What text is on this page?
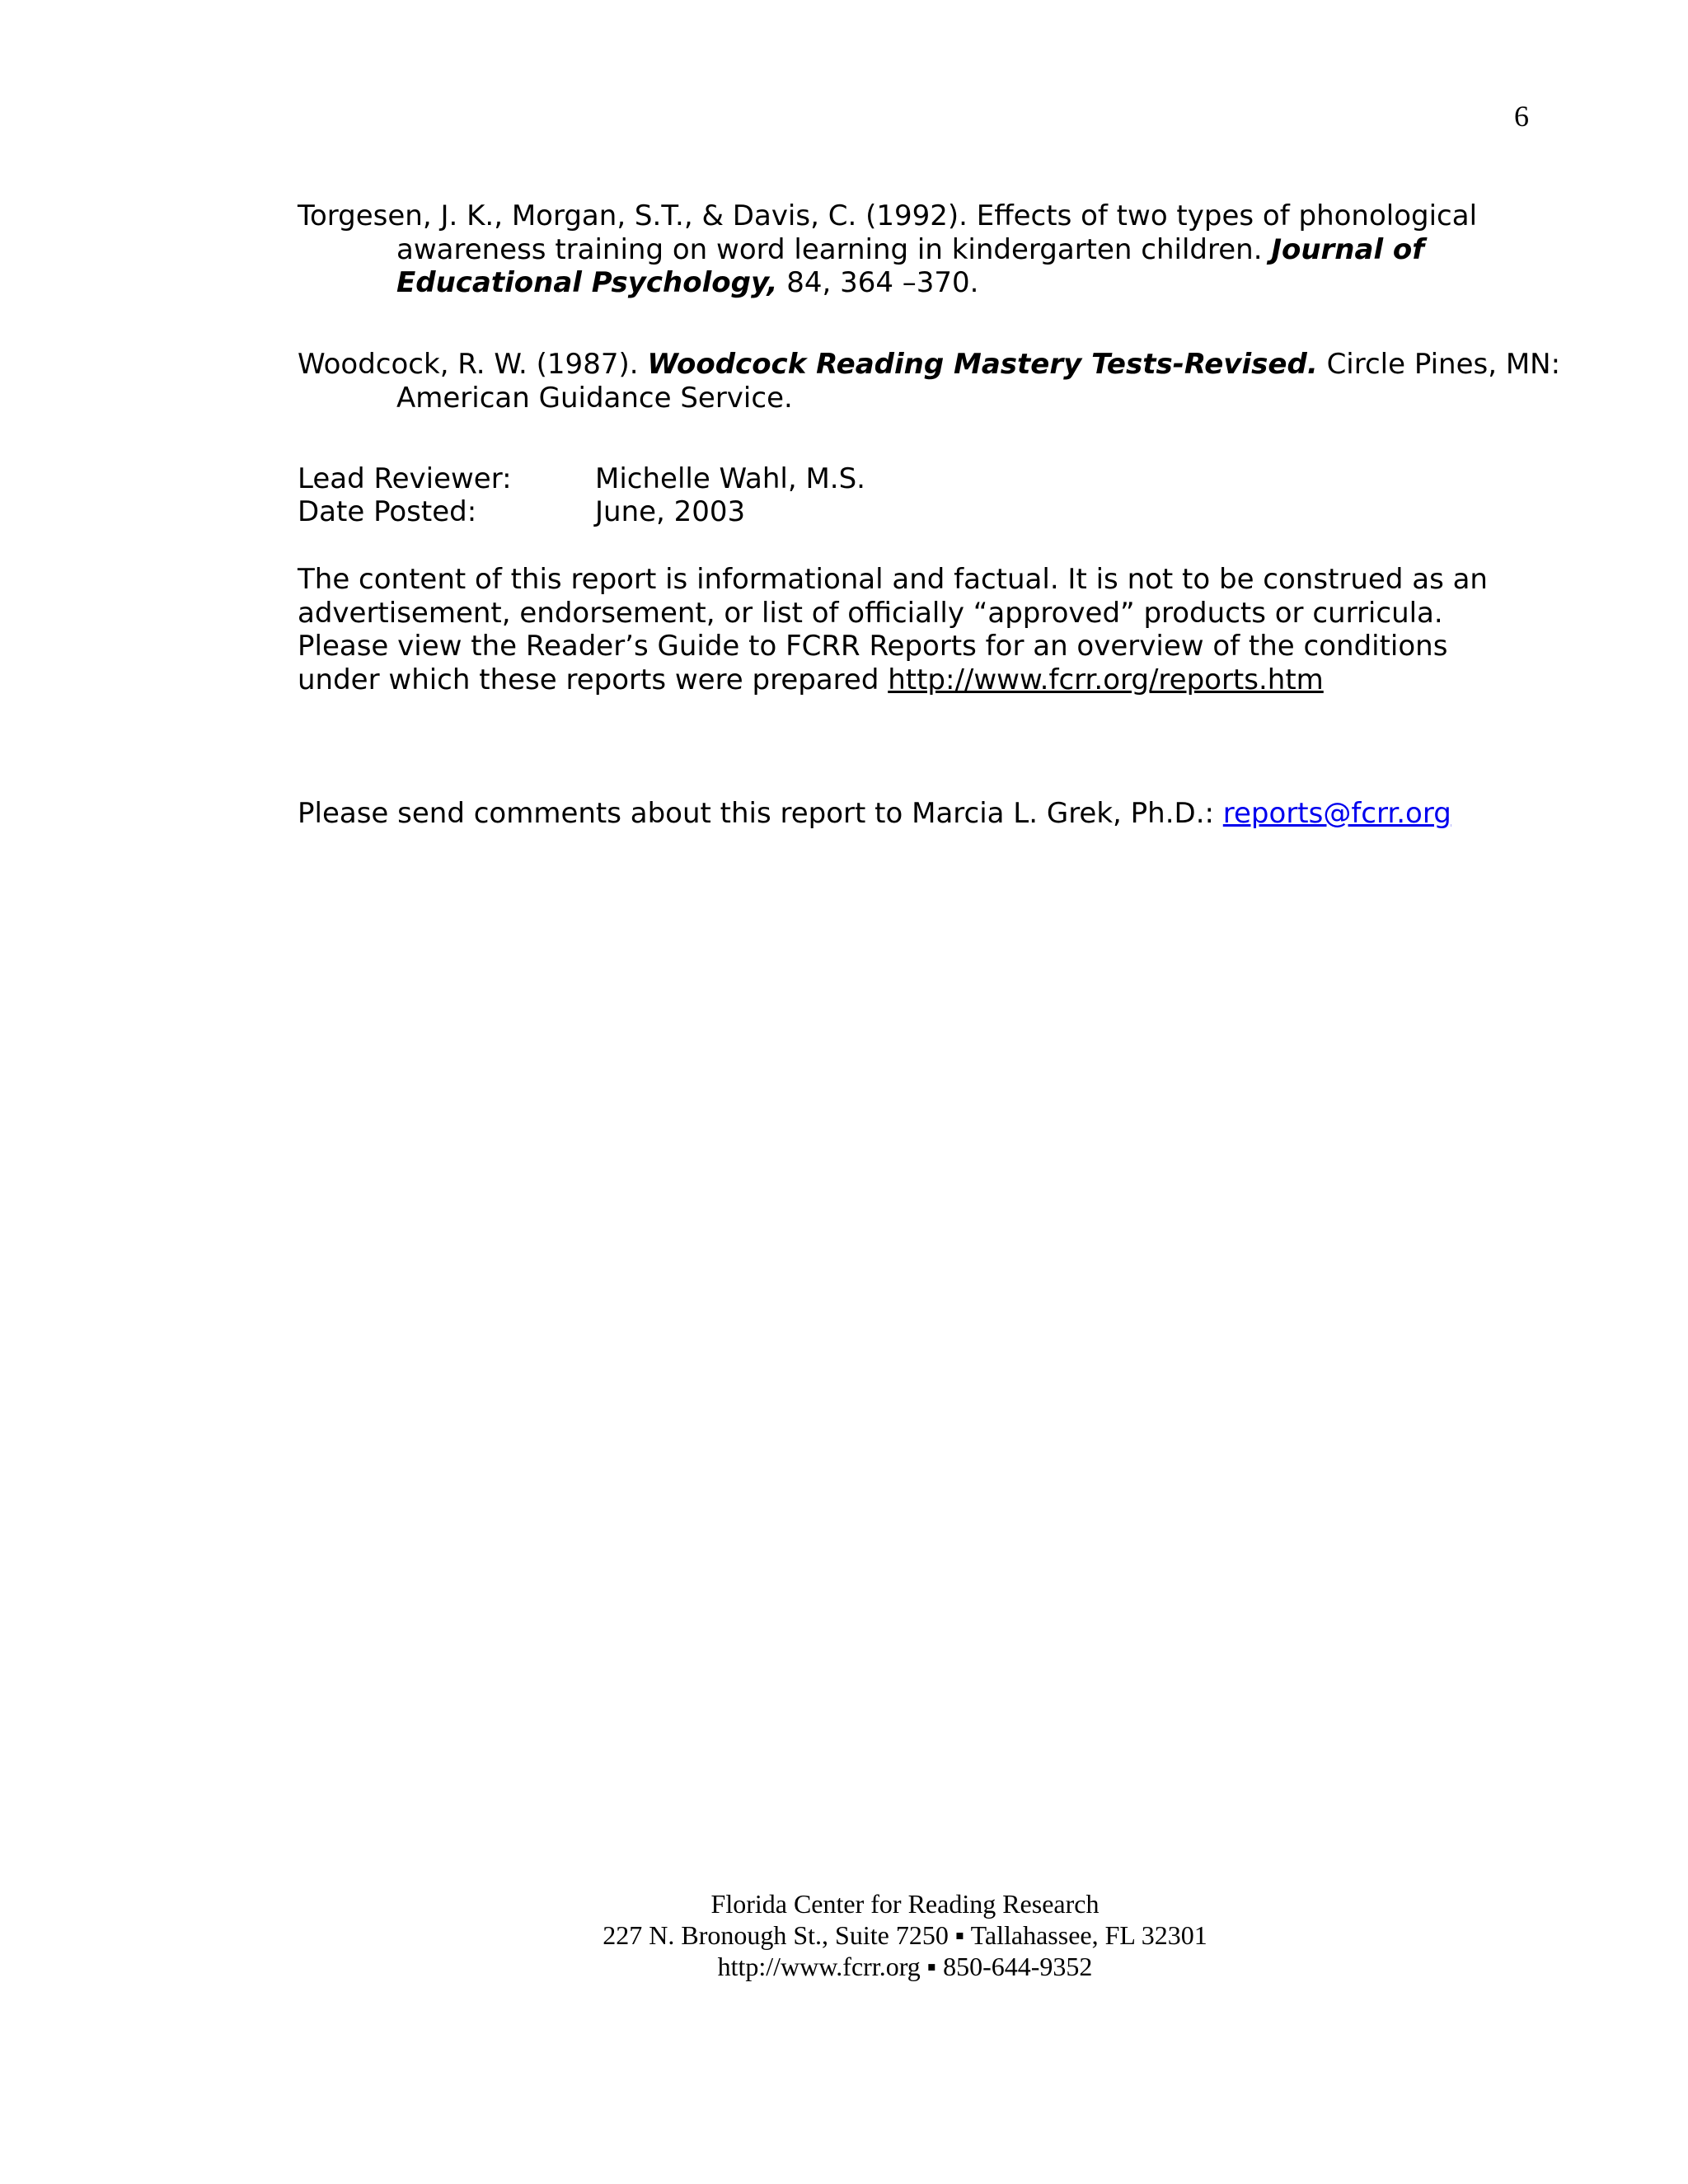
6

Torgesen, J. K., Morgan, S.T., & Davis, C. (1992). Effects of two types of phonological awareness training on word learning in kindergarten children. Journal of Educational Psychology, 84, 364 –370.

Woodcock, R. W. (1987). Woodcock Reading Mastery Tests-Revised. Circle Pines, MN: American Guidance Service.

Lead Reviewer:	Michelle Wahl, M.S.
Date Posted:	June, 2003
The content of this report is informational and factual. It is not to be construed as an
advertisement, endorsement, or list of officially “approved” products or curricula.
Please view the Reader’s Guide to FCRR Reports for an overview of the conditions
under which these reports were prepared http://www.fcrr.org/reports.htm
Please send comments about this report to Marcia L. Grek, Ph.D.: reports@fcrr.org
Florida Center for Reading Research
227 N. Bronough St., Suite 7250 ▪ Tallahassee, FL 32301
http://www.fcrr.org ▪ 850-644-9352
